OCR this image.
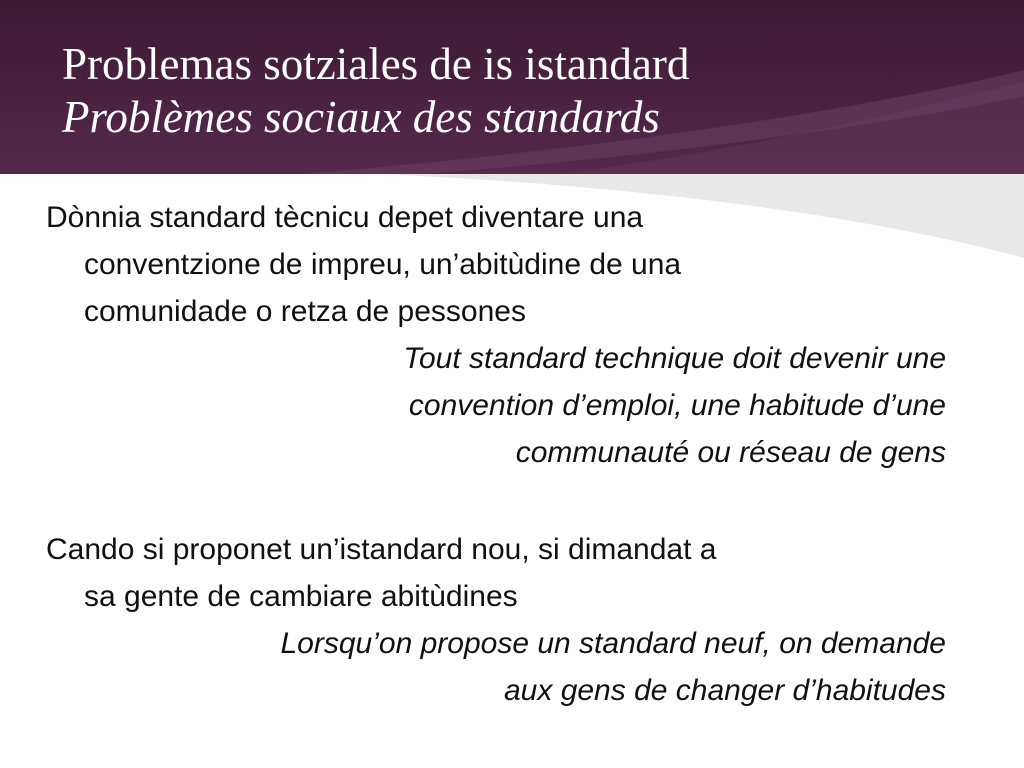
Problemas sotziales de is istandard
Problèmes sociaux des standards

Dònnia standard tècnicu depet diventare una
conventzione de impreu, un’abitùdine de una
comunidade o retza de pessones

Tout standard technique doit devenir une
convention d’emploi, une habitude d’une
communauté ou réseau de gens

Cando si proponet un’istandard nou, si dimandat a
sa gente de cambiare abitùdines

Lorsqu’on propose un standard neuf, on demande
aux gens de changer d’habitudes
